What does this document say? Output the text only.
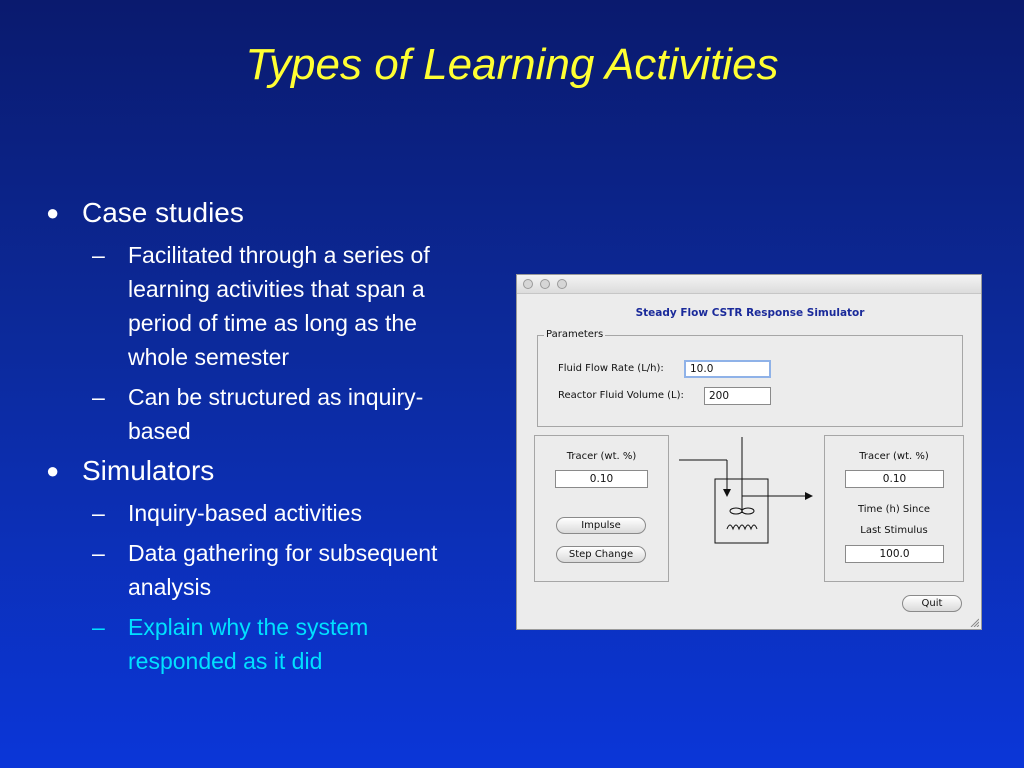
Types of Learning Activities
● Case studies
–	Facilitated through a series of learning activities that span a period of time as long as the whole semester
–	Can be structured as inquiry-based
● Simulators
–	Inquiry-based activities
–	Data gathering for subsequent analysis
–	Explain why the system responded as it did
Steady Flow CSTR Response Simulator
Parameters
Fluid Flow Rate (L/h):	10.0
Reactor Fluid Volume (L):	200
Tracer (wt. %)
0.10
Impulse
Step Change
Tracer (wt. %)
0.10
Time (h) Since
Last Stimulus
100.0
Quit
